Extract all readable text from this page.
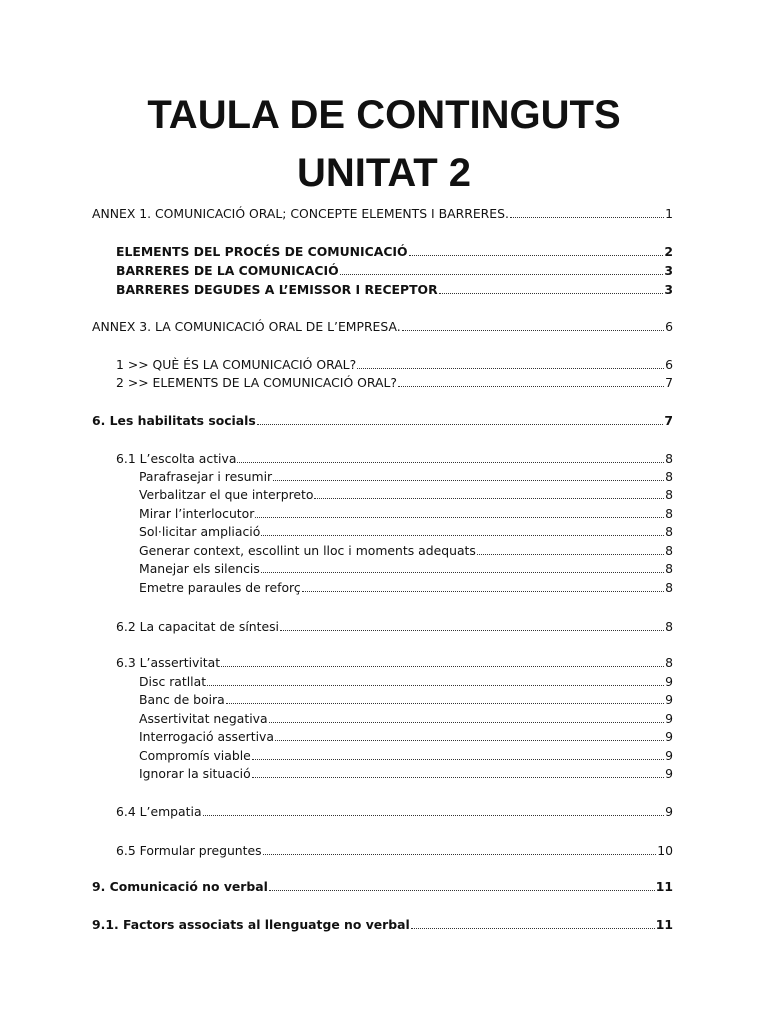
TAULA DE CONTINGUTS
UNITAT 2
ANNEX 1. COMUNICACIÓ ORAL; CONCEPTE ELEMENTS I BARRERES.	1
ELEMENTS DEL PROCÉS DE COMUNICACIÓ	2
BARRERES DE LA COMUNICACIÓ	3
BARRERES DEGUDES A L’EMISSOR I RECEPTOR	3
ANNEX 3. LA COMUNICACIÓ ORAL DE L’EMPRESA.	6
1 >> QUÈ ÉS LA COMUNICACIÓ ORAL?	6
2 >> ELEMENTS DE LA COMUNICACIÓ ORAL?	7
6. Les habilitats socials	7
6.1 L’escolta activa	8
Parafrasejar i resumir	8
Verbalitzar el que interpreto	8
Mirar l’interlocutor	8
Sol·licitar ampliació	8
Generar context, escollint un lloc i moments adequats	8
Manejar els silencis	8
Emetre paraules de reforç	8
6.2 La capacitat de síntesi	8
6.3 L’assertivitat	8
Disc ratllat	9
Banc de boira	9
Assertivitat negativa	9
Interrogació assertiva	9
Compromís viable	9
Ignorar la situació	9
6.4 L’empatia	9
6.5 Formular preguntes	10
9. Comunicació no verbal	11
9.1. Factors associats al llenguatge no verbal	11
